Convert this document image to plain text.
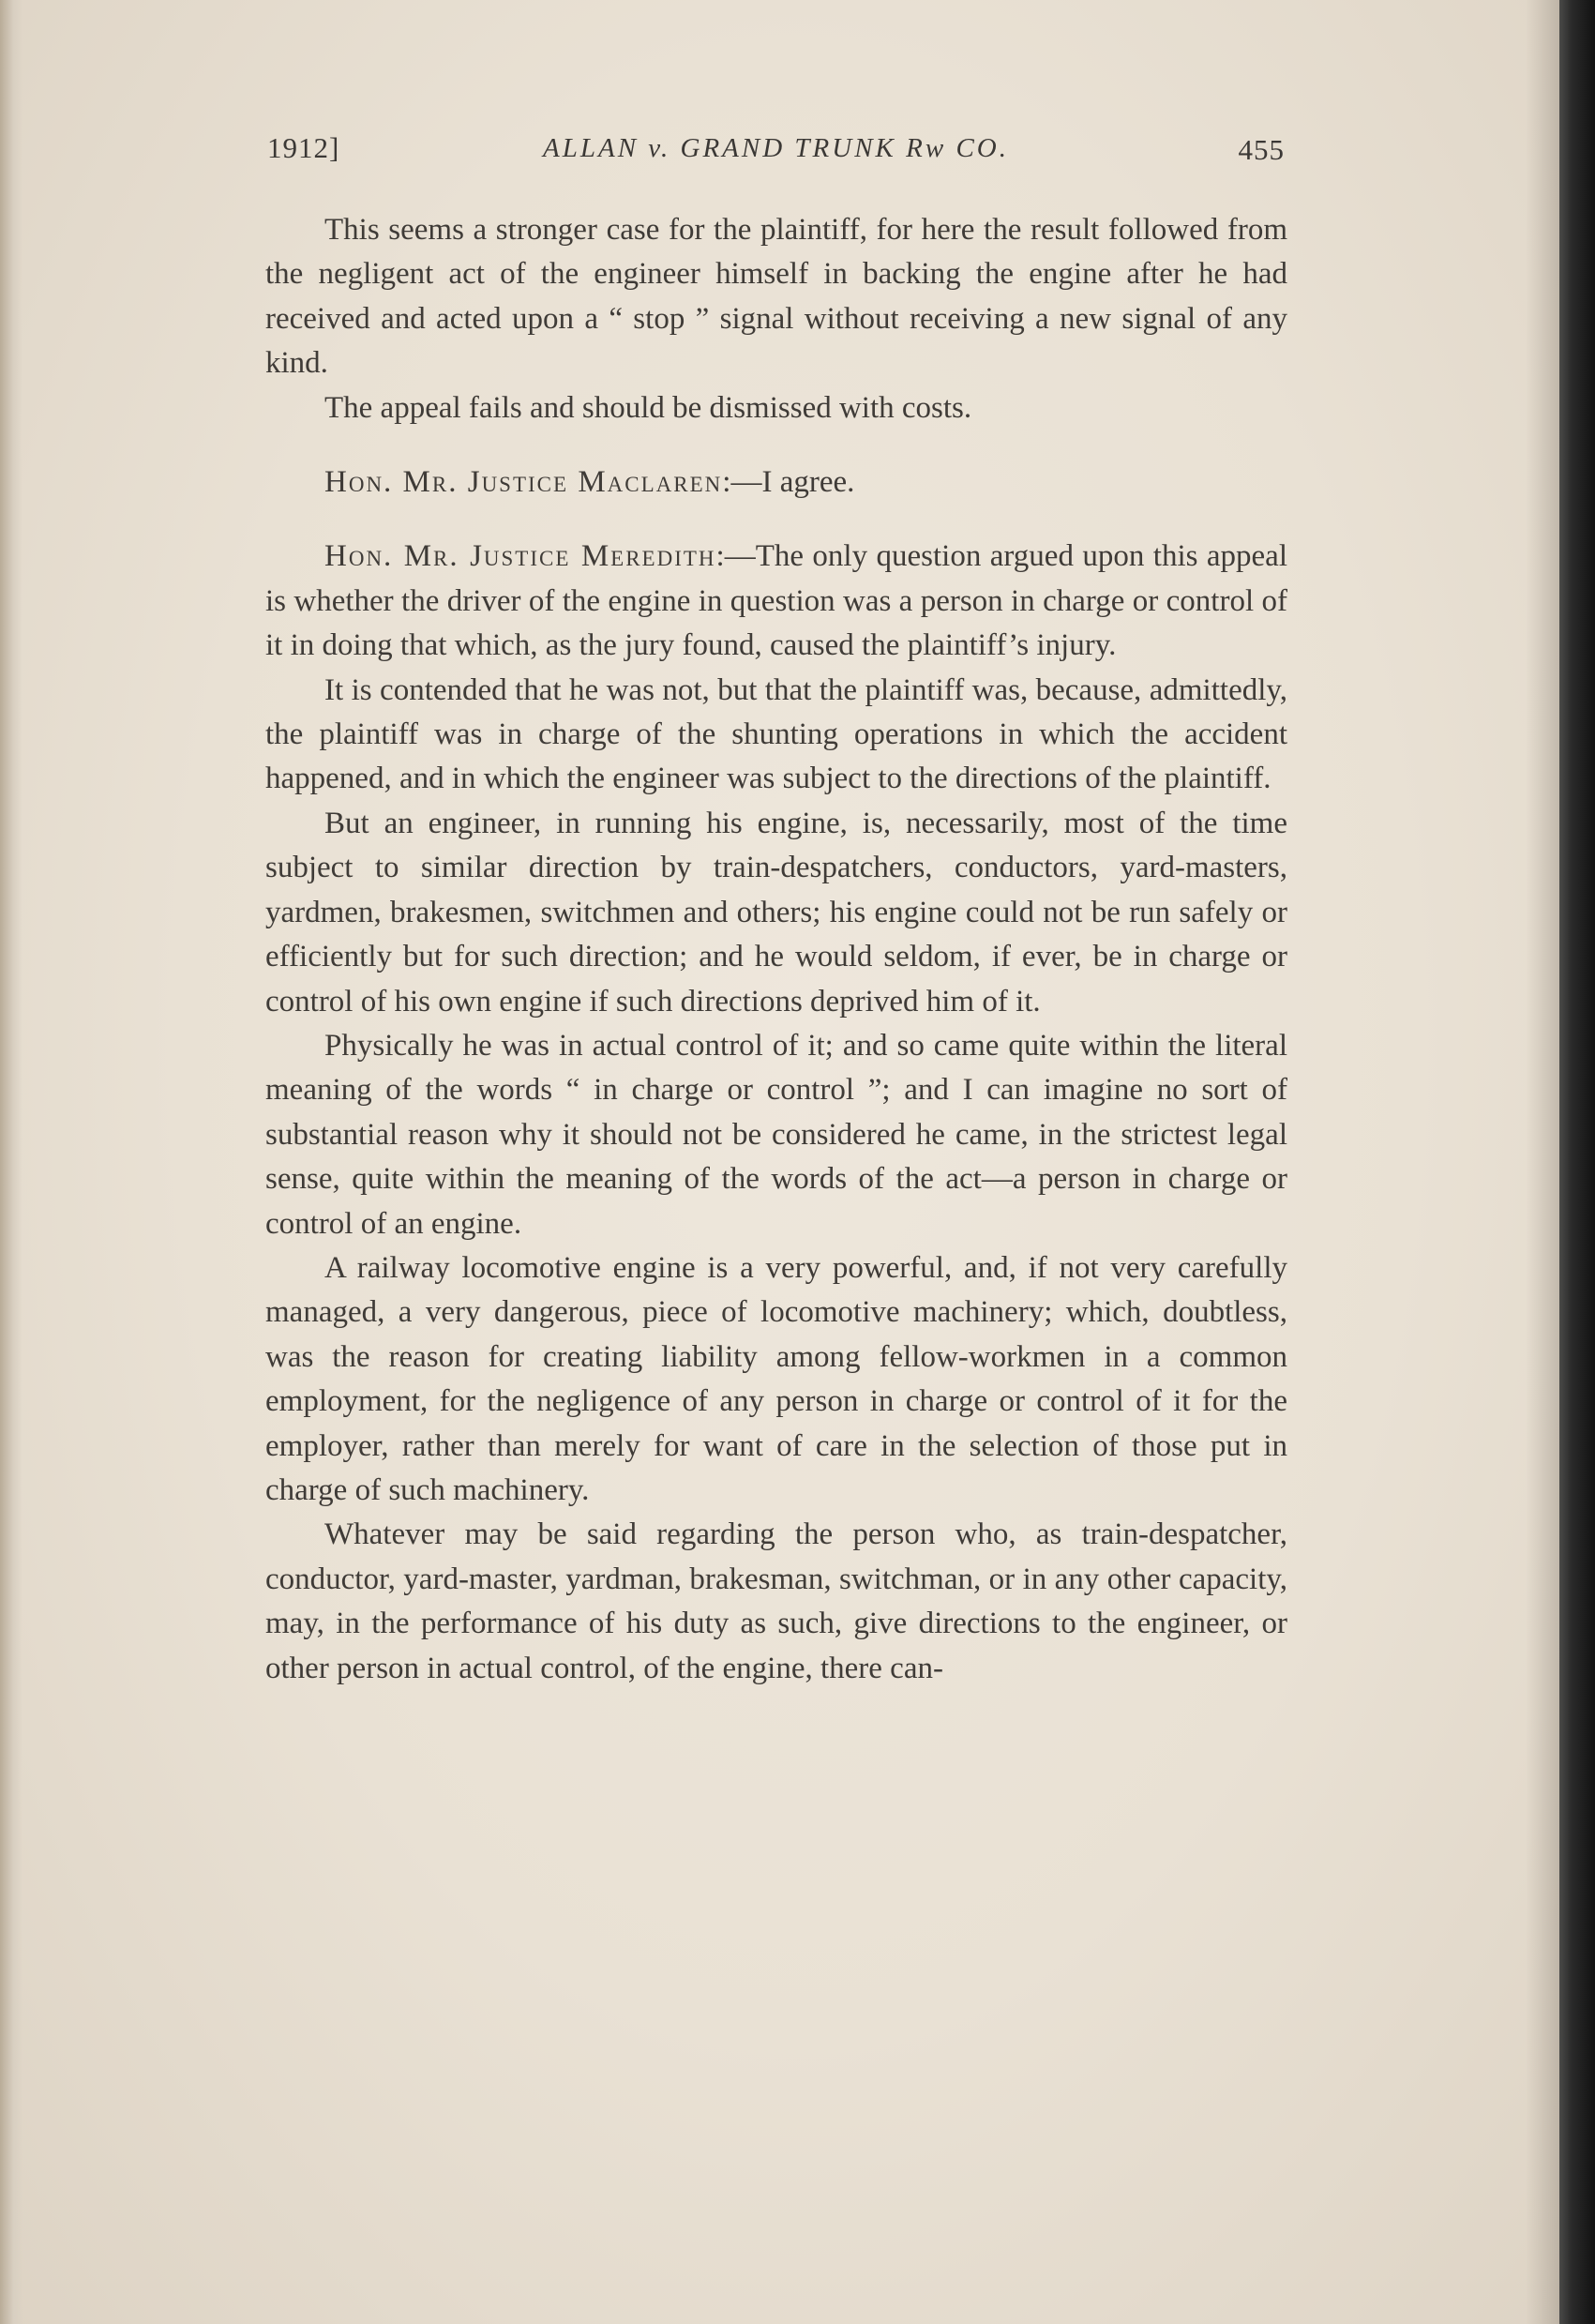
1912]	ALLAN v. GRAND TRUNK Rw CO.	455

This seems a stronger case for the plaintiff, for here the result followed from the negligent act of the engineer himself in backing the engine after he had received and acted upon a “ stop ” signal without receiving a new signal of any kind.

The appeal fails and should be dismissed with costs.

Hon. Mr. Justice Maclaren:—I agree.

Hon. Mr. Justice Meredith:—The only question argued upon this appeal is whether the driver of the engine in question was a person in charge or control of it in doing that which, as the jury found, caused the plaintiff’s injury.

It is contended that he was not, but that the plaintiff was, because, admittedly, the plaintiff was in charge of the shunting operations in which the accident happened, and in which the engineer was subject to the directions of the plaintiff.

But an engineer, in running his engine, is, necessarily, most of the time subject to similar direction by train-despatchers, conductors, yard-masters, yardmen, brakesmen, switchmen and others; his engine could not be run safely or efficiently but for such direction; and he would seldom, if ever, be in charge or control of his own engine if such directions deprived him of it.

Physically he was in actual control of it; and so came quite within the literal meaning of the words “ in charge or control ”; and I can imagine no sort of substantial reason why it should not be considered he came, in the strictest legal sense, quite within the meaning of the words of the act—a person in charge or control of an engine.

A railway locomotive engine is a very powerful, and, if not very carefully managed, a very dangerous, piece of locomotive machinery; which, doubtless, was the reason for creating liability among fellow-workmen in a common employment, for the negligence of any person in charge or control of it for the employer, rather than merely for want of care in the selection of those put in charge of such machinery.

Whatever may be said regarding the person who, as train-despatcher, conductor, yard-master, yardman, brakesman, switchman, or in any other capacity, may, in the performance of his duty as such, give directions to the engineer, or other person in actual control, of the engine, there can-
